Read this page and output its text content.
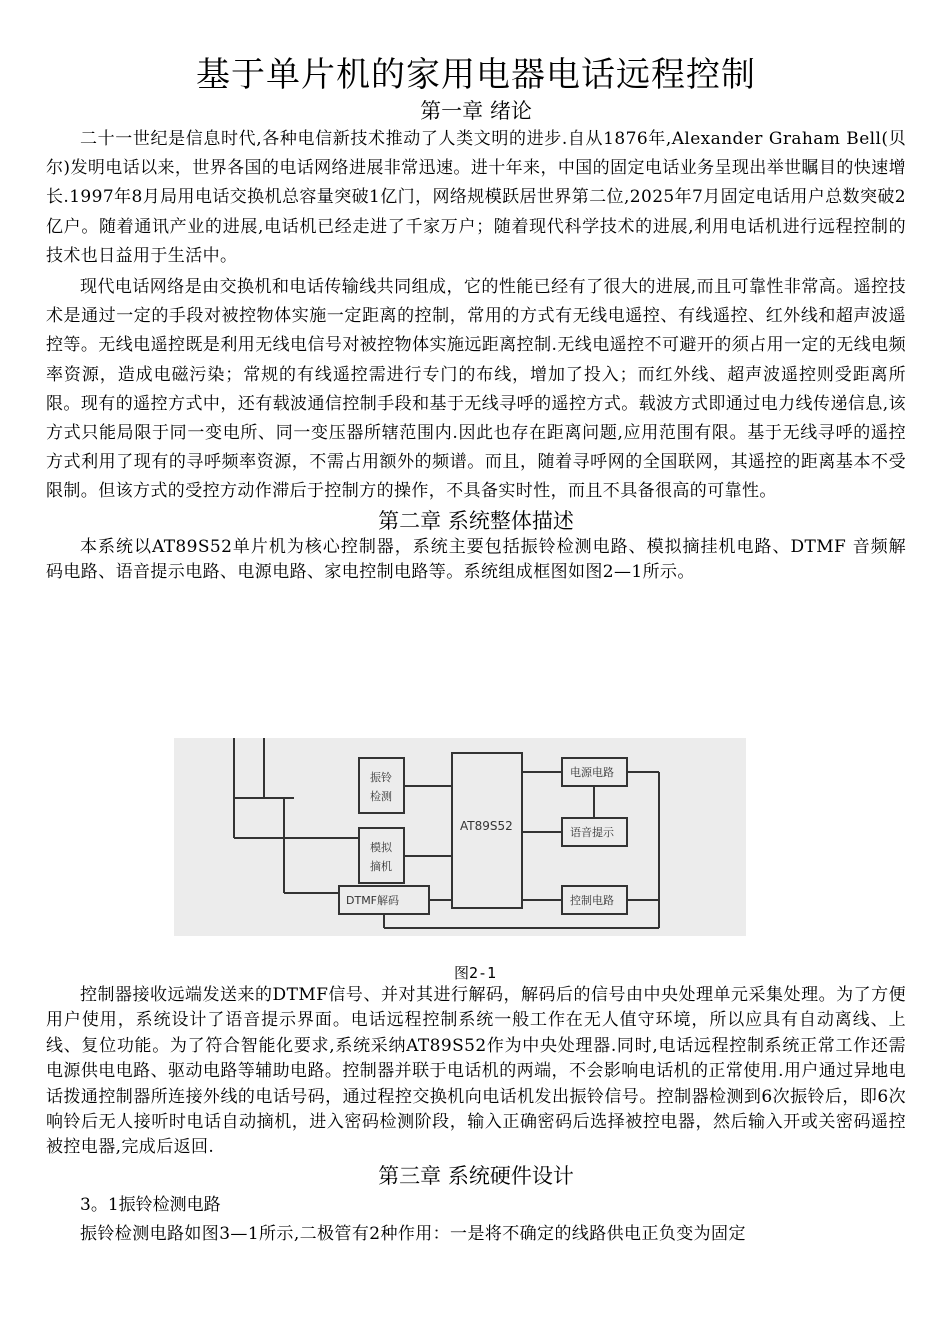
基于单片机的家用电器电话远程控制
第一章 绪论

二十一世纪是信息时代,各种电信新技术推动了人类文明的进步.自从1876年,Alexander Graham Bell(贝尔)发明电话以来，世界各国的电话网络进展非常迅速。进十年来，中国的固定电话业务呈现出举世瞩目的快速增长.1997年8月局用电话交换机总容量突破1亿门，网络规模跃居世界第二位,2025年7月固定电话用户总数突破2亿户。随着通讯产业的进展,电话机已经走进了千家万户；随着现代科学技术的进展,利用电话机进行远程控制的技术也日益用于生活中。

现代电话网络是由交换机和电话传输线共同组成，它的性能已经有了很大的进展,而且可靠性非常高。遥控技术是通过一定的手段对被控物体实施一定距离的控制，常用的方式有无线电遥控、有线遥控、红外线和超声波遥控等。无线电遥控既是利用无线电信号对被控物体实施远距离控制.无线电遥控不可避开的须占用一定的无线电频率资源，造成电磁污染；常规的有线遥控需进行专门的布线，增加了投入；而红外线、超声波遥控则受距离所限。现有的遥控方式中，还有载波通信控制手段和基于无线寻呼的遥控方式。载波方式即通过电力线传递信息,该方式只能局限于同一变电所、同一变压器所辖范围内.因此也存在距离问题,应用范围有限。基于无线寻呼的遥控方式利用了现有的寻呼频率资源，不需占用额外的频谱。而且，随着寻呼网的全国联网，其遥控的距离基本不受限制。但该方式的受控方动作滞后于控制方的操作，不具备实时性，而且不具备很高的可靠性。

第二章 系统整体描述

本系统以AT89S52单片机为核心控制器，系统主要包括振铃检测电路、模拟摘挂机电路、DTMF 音频解 码电路、语音提示电路、电源电路、家电控制电路等。系统组成框图如图2—1所示。

振铃
检测
模拟
摘机
DTMF解码
AT89S52
电源电路
语音提示
控制电路
图2-1

控制器接收远端发送来的DTMF信号、并对其进行解码，解码后的信号由中央处理单元采集处理。为了方便用户使用，系统设计了语音提示界面。电话远程控制系统一般工作在无人值守环境，所以应具有自动离线、上线、复位功能。为了符合智能化要求,系统采纳AT89S52作为中央处理器.同时,电话远程控制系统正常工作还需电源供电电路、驱动电路等辅助电路。控制器并联于电话机的两端，不会影响电话机的正常使用.用户通过异地电话拨通控制器所连接外线的电话号码，通过程控交换机向电话机发出振铃信号。控制器检测到6次振铃后，即6次响铃后无人接听时电话自动摘机，进入密码检测阶段，输入正确密码后选择被控电器，然后输入开或关密码遥控被控电器,完成后返回.

第三章 系统硬件设计

3。1振铃检测电路

振铃检测电路如图3—1所示,二极管有2种作用：一是将不确定的线路供电正负变为固定
